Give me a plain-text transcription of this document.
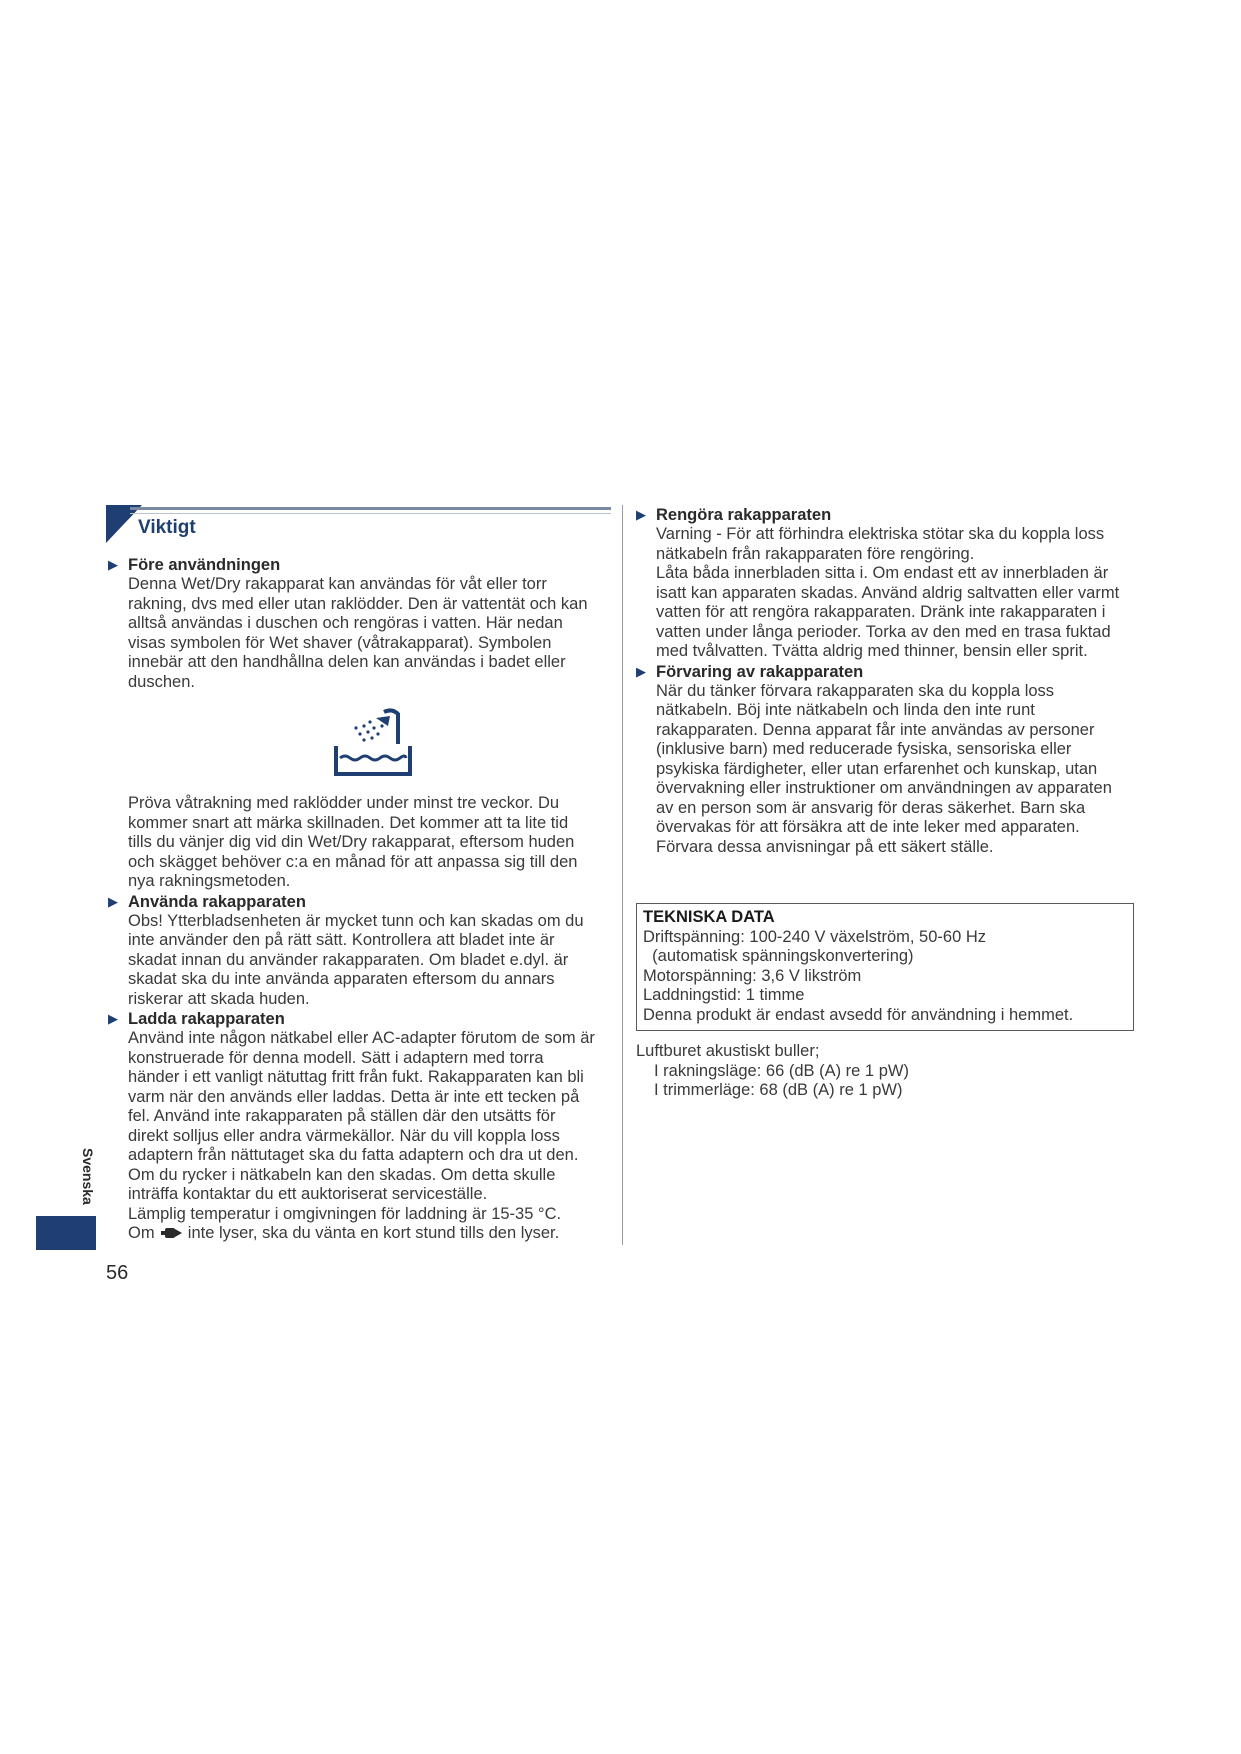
Viktigt

▶ Före användningen

Denna Wet/Dry rakapparat kan användas för våt eller torr

rakning, dvs med eller utan raklödder. Den är vattentät och kan

alltså användas i duschen och rengöras i vatten. Här nedan

visas symbolen för Wet shaver (våtrakapparat). Symbolen

innebär att den handhållna delen kan användas i badet eller

duschen.

Pröva våtrakning med raklödder under minst tre veckor. Du

kommer snart att märka skillnaden. Det kommer att ta lite tid

tills du vänjer dig vid din Wet/Dry rakapparat, eftersom huden

och skägget behöver c:a en månad för att anpassa sig till den

nya rakningsmetoden.

▶ Använda rakapparaten

Obs! Ytterbladsenheten är mycket tunn och kan skadas om du

inte använder den på rätt sätt. Kontrollera att bladet inte är

skadat innan du använder rakapparaten. Om bladet e.dyl. är

skadat ska du inte använda apparaten eftersom du annars

riskerar att skada huden.

▶ Ladda rakapparaten

Använd inte någon nätkabel eller AC-adapter förutom de som är

konstruerade för denna modell. Sätt i adaptern med torra

händer i ett vanligt nätuttag fritt från fukt. Rakapparaten kan bli

varm när den används eller laddas. Detta är inte ett tecken på

fel. Använd inte rakapparaten på ställen där den utsätts för

direkt solljus eller andra värmekällor. När du vill koppla loss

adaptern från nättutaget ska du fatta adaptern och dra ut den.

Om du rycker i nätkabeln kan den skadas. Om detta skulle

inträffa kontaktar du ett auktoriserat serviceställe.

Lämplig temperatur i omgivningen för laddning är 15-35 °C.

Om inte lyser, ska du vänta en kort stund tills den lyser.

▶ Rengöra rakapparaten

Varning - För att förhindra elektriska stötar ska du koppla loss

nätkabeln från rakapparaten före rengöring.

Låta båda innerbladen sitta i. Om endast ett av innerbladen är

isatt kan apparaten skadas. Använd aldrig saltvatten eller varmt

vatten för att rengöra rakapparaten. Dränk inte rakapparaten i

vatten under långa perioder. Torka av den med en trasa fuktad

med tvålvatten. Tvätta aldrig med thinner, bensin eller sprit.

▶ Förvaring av rakapparaten

När du tänker förvara rakapparaten ska du koppla loss

nätkabeln. Böj inte nätkabeln och linda den inte runt

rakapparaten. Denna apparat får inte användas av personer

(inklusive barn) med reducerade fysiska, sensoriska eller

psykiska färdigheter, eller utan erfarenhet och kunskap, utan

övervakning eller instruktioner om användningen av apparaten

av en person som är ansvarig för deras säkerhet. Barn ska

övervakas för att försäkra att de inte leker med apparaten.

Förvara dessa anvisningar på ett säkert ställe.

TEKNISKA DATA
Driftspänning: 100-240 V växelström, 50-60 Hz
(automatisk spänningskonvertering)
Motorspänning: 3,6 V likström
Laddningstid: 1 timme
Denna produkt är endast avsedd för användning i hemmet.

Luftburet akustiskt buller;

I rakningsläge: 66 (dB (A) re 1 pW)

I trimmerläge: 68 (dB (A) re 1 pW)

Svenska
56
